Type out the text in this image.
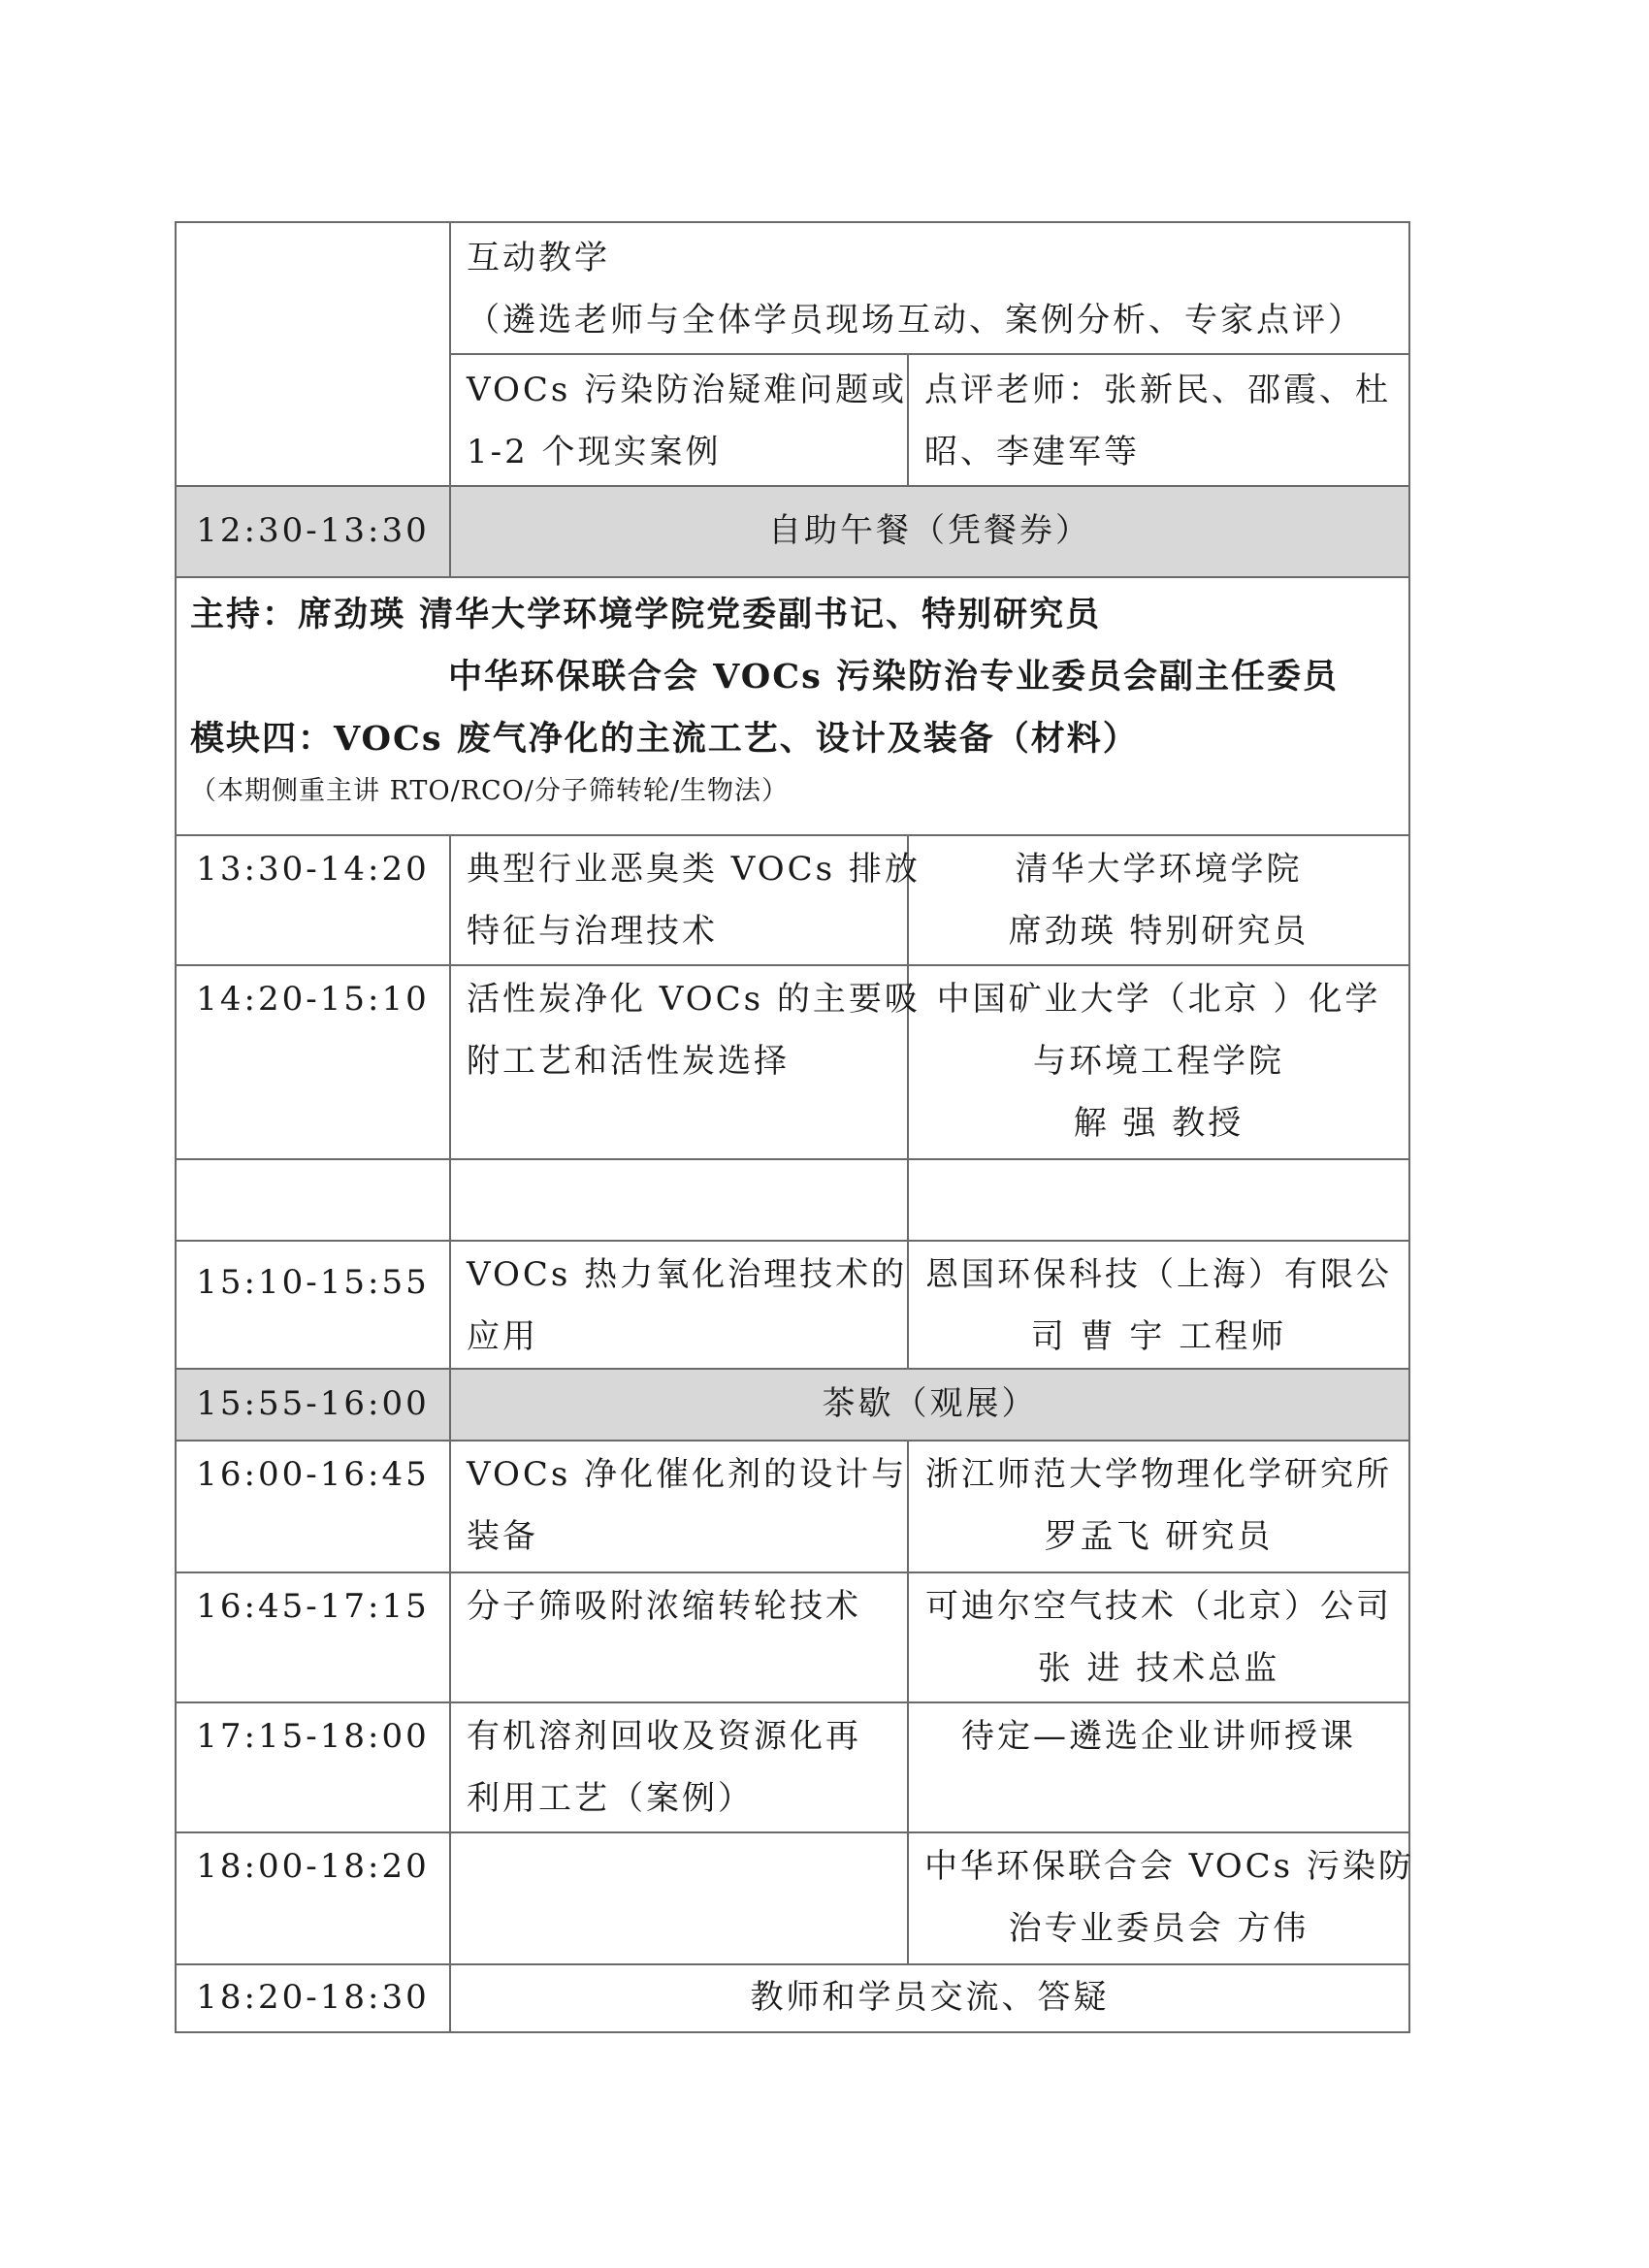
	互动教学
（遴选老师与全体学员现场互动、案例分析、专家点评）	

	VOCs 污染防治疑难问题或
1-2 个现实案例	点评老师：张新民、邵霞、杜
昭、李建军等

12:30-13:30	自助午餐（凭餐券）	

主持：席劲瑛 清华大学环境学院党委副书记、特别研究员
中华环保联合会 VOCs 污染防治专业委员会副主任委员
模块四：VOCs 废气净化的主流工艺、设计及装备（材料）
（本期侧重主讲 RTO/RCO/分子筛转轮/生物法）		

13:30-14:20	典型行业恶臭类 VOCs 排放
特征与治理技术	清华大学环境学院
席劲瑛 特别研究员

14:20-15:10	活性炭净化 VOCs 的主要吸
附工艺和活性炭选择	中国矿业大学（北京 ）化学
与环境工程学院
解 强 教授

15:10-15:55	VOCs 热力氧化治理技术的
应用	恩国环保科技（上海）有限公
司 曹 宇 工程师

15:55-16:00	茶歇（观展）	
16:00-16:45	VOCs 净化催化剂的设计与
装备	浙江师范大学物理化学研究所
罗孟飞 研究员

16:45-17:15	分子筛吸附浓缩转轮技术	可迪尔空气技术（北京）公司
张 进 技术总监

17:15-18:00	有机溶剂回收及资源化再
利用工艺（案例）	待定—遴选企业讲师授课

18:00-18:20		中华环保联合会 VOCs 污染防
治专业委员会 方伟

18:20-18:30	教师和学员交流、答疑	
